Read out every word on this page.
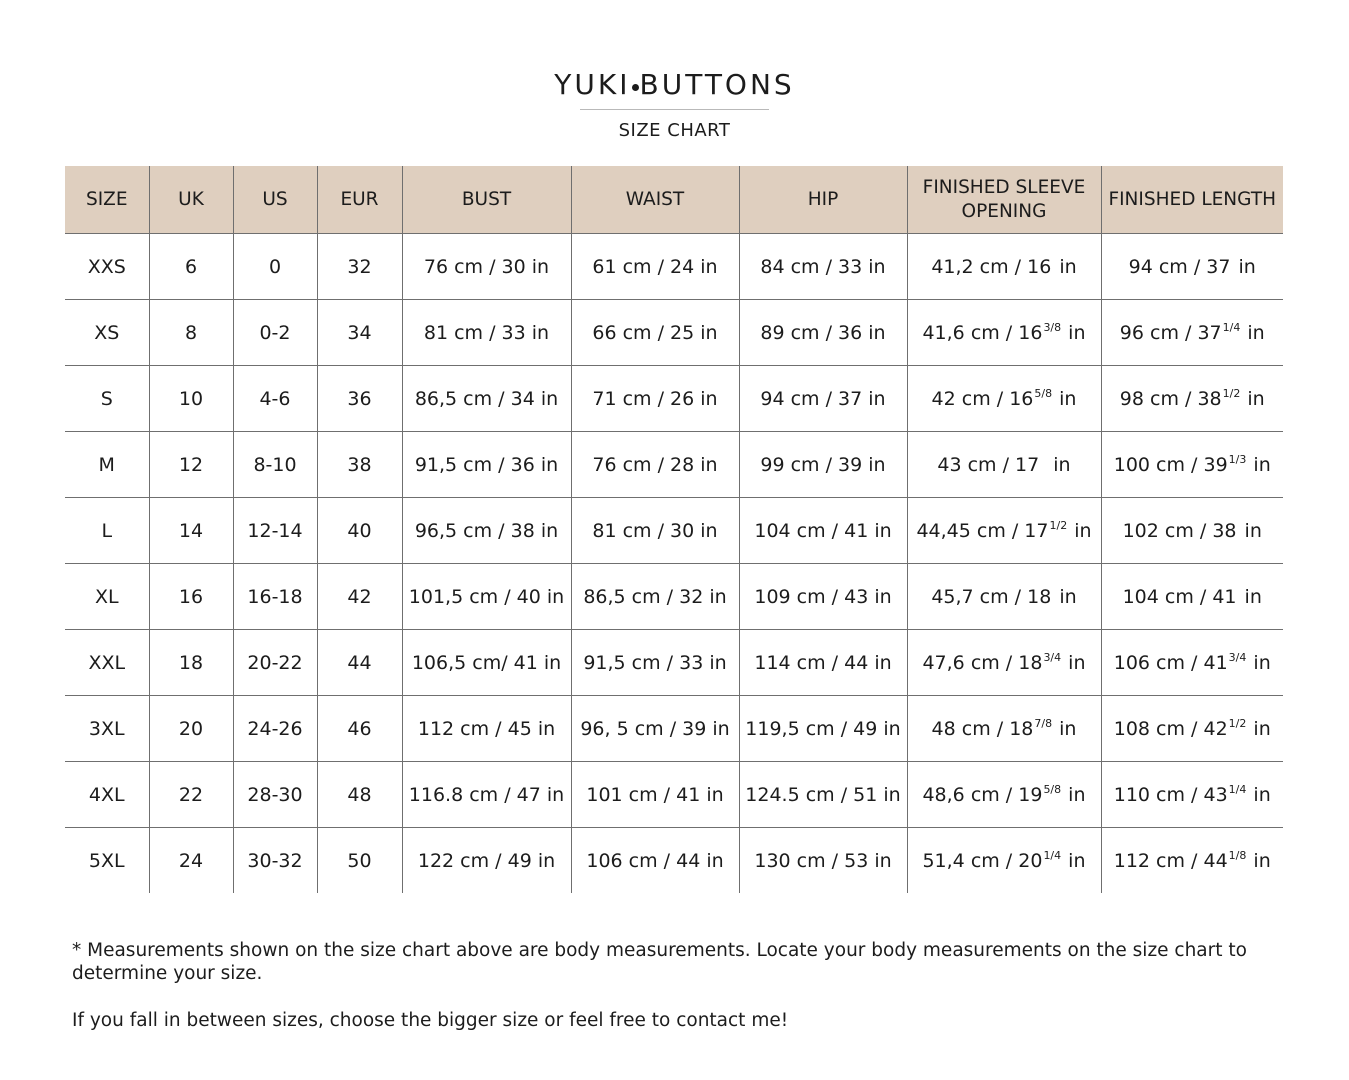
YUKI BUTTONS
SIZE CHART
SIZE	UK	US	EUR	BUST	WAIST	HIP	FINISHED SLEEVE OPENING	FINISHED LENGTH
XXS	6	0	32	76 cm / 30 in	61 cm / 24 in	84 cm / 33 in	41,2 cm / 16 in	94 cm / 37 in
XS	8	0-2	34	81 cm / 33 in	66 cm / 25 in	89 cm / 36 in	41,6 cm / $16^{3/8}$ in	96 cm / $37^{1/4}$ in
S	10	4-6	36	86,5 cm / 34 in	71 cm / 26 in	94 cm / 37 in	42 cm / $16^{5/8}$ in	98 cm / $38^{1/2}$ in
M	12	8-10	38	91,5 cm / 36 in	76 cm / 28 in	99 cm / 39 in	43 cm / 17  in	100 cm / $39^{1/3}$ in
L	14	12-14	40	96,5 cm / 38 in	81 cm / 30 in	104 cm / 41 in	44,45 cm / $17^{1/2}$ in	102 cm / 38 in
XL	16	16-18	42	101,5 cm / 40 in	86,5 cm / 32 in	109 cm / 43 in	45,7 cm / 18 in	104 cm / 41 in
XXL	18	20-22	44	106,5 cm/ 41 in	91,5 cm / 33 in	114 cm / 44 in	47,6 cm / $18^{3/4}$ in	106 cm / $41^{3/4}$ in
3XL	20	24-26	46	112 cm / 45 in	96, 5 cm / 39 in	119,5 cm / 49 in	48 cm / $18^{7/8}$ in	108 cm / $42^{1/2}$ in
4XL	22	28-30	48	116.8 cm / 47 in	101 cm / 41 in	124.5 cm / 51 in	48,6 cm / $19^{5/8}$ in	110 cm / $43^{1/4}$ in
5XL	24	30-32	50	122 cm / 49 in	106 cm / 44 in	130 cm / 53 in	51,4 cm / $20^{1/4}$ in	112 cm / $44^{1/8}$ in

* Measurements shown on the size chart above are body measurements. Locate your body measurements on the size chart to determine your size.

If you fall in between sizes, choose the bigger size or feel free to contact me!
